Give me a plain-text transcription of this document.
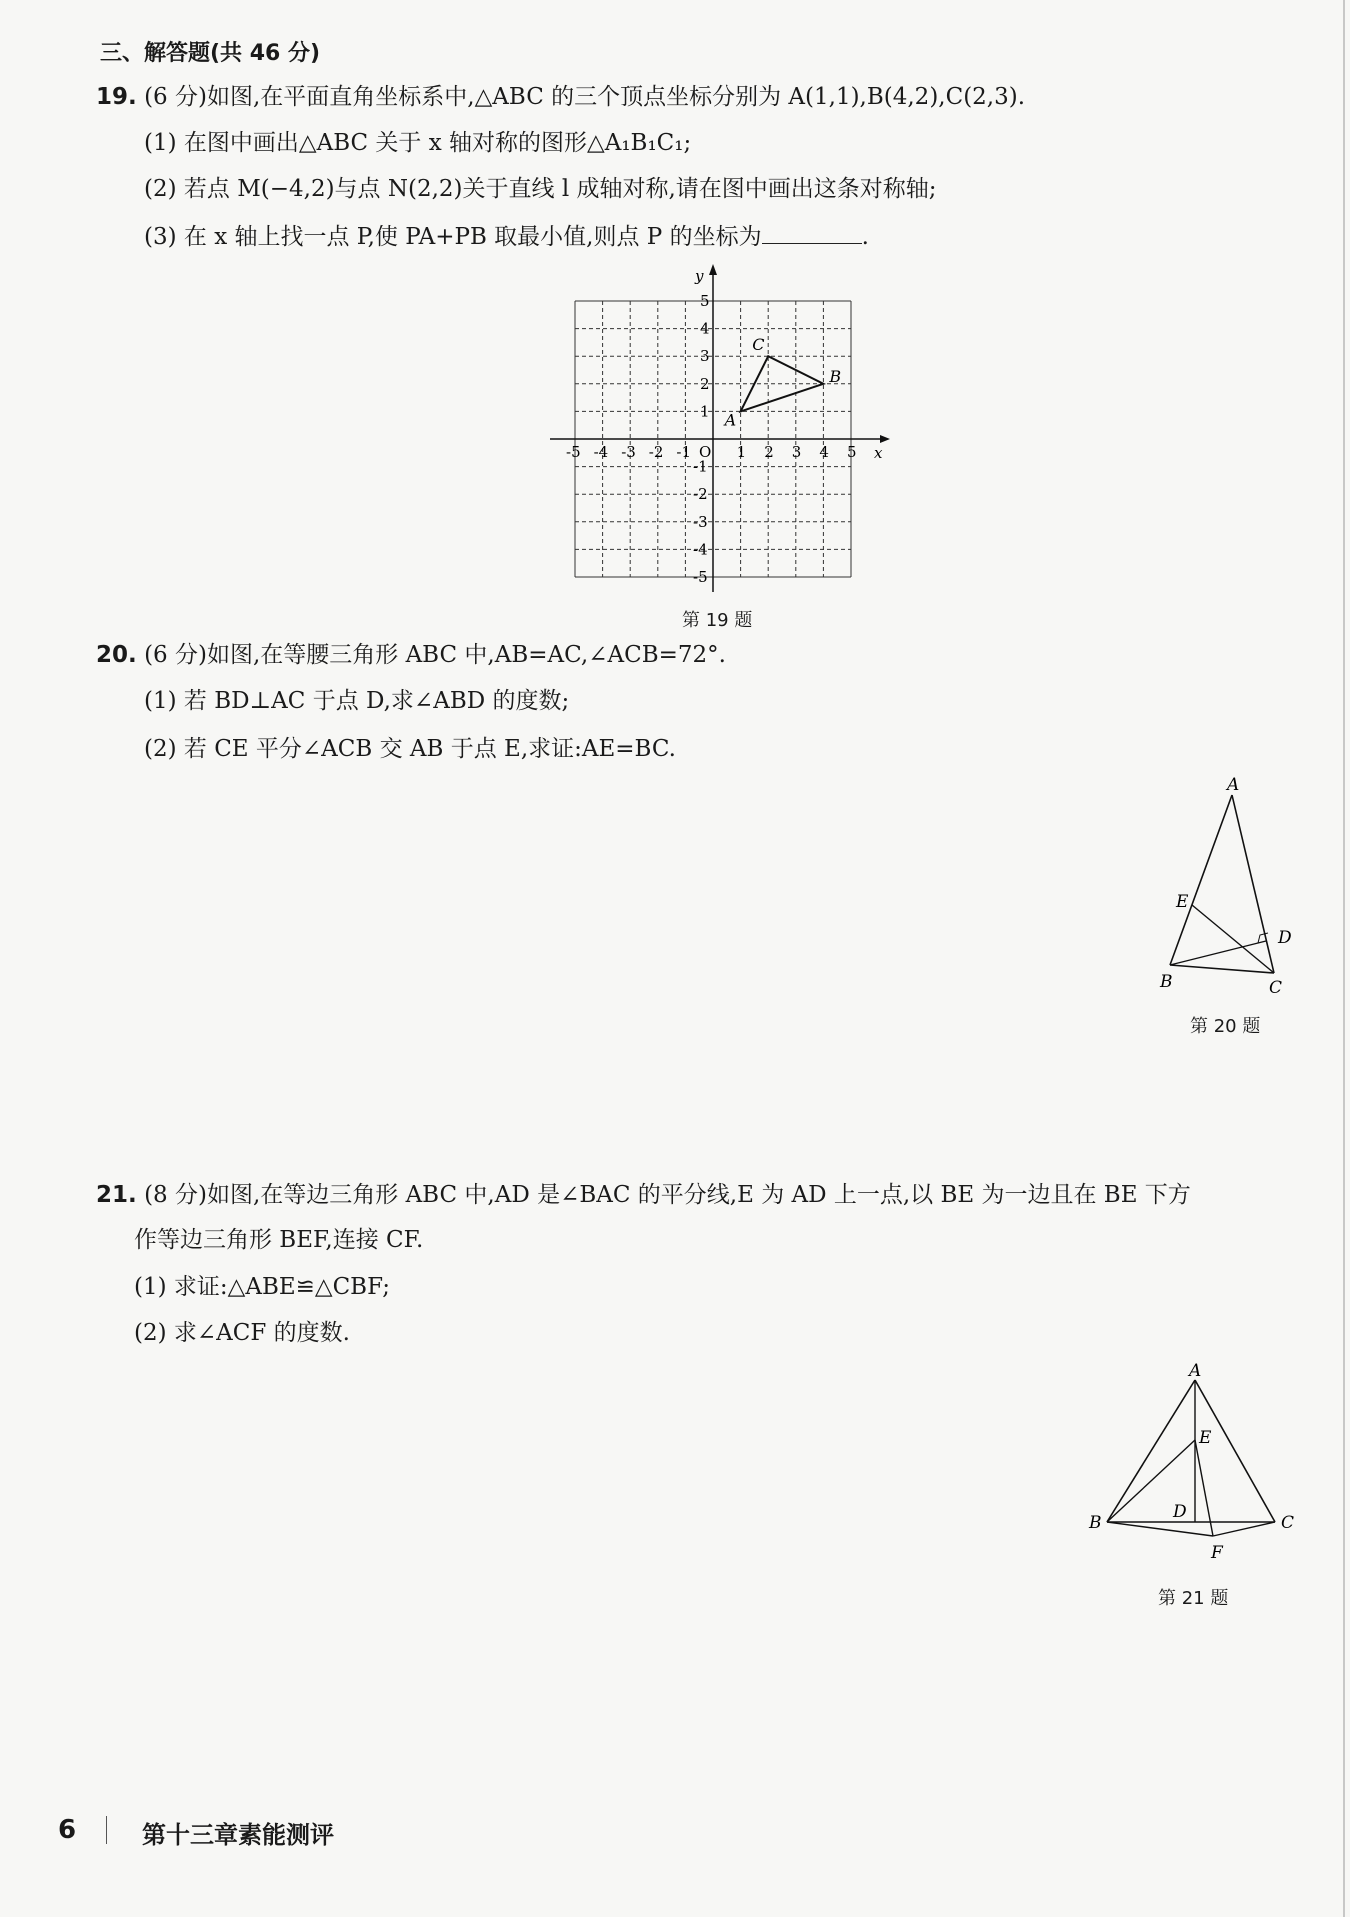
三、解答题(共 46 分)
19. (6 分)如图,在平面直角坐标系中,△ABC 的三个顶点坐标分别为 A(1,1),B(4,2),C(2,3).
(1) 在图中画出△ABC 关于 x 轴对称的图形△A₁B₁C₁;
(2) 若点 M(−4,2)与点 N(2,2)关于直线 l 成轴对称,请在图中画出这条对称轴;
(3) 在 x 轴上找一点 P,使 PA+PB 取最小值,则点 P 的坐标为	.
x
y
-5 -4 -3 -2 -1 O 1 2 3 4 5
5
4
3
2
1
-1
-2
-3
-4
-5
A
B
C
第 19 题
20. (6 分)如图,在等腰三角形 ABC 中,AB=AC,∠ACB=72°.
(1) 若 BD⊥AC 于点 D,求∠ABD 的度数;
(2) 若 CE 平分∠ACB 交 AB 于点 E,求证:AE=BC.
A
E
D
B	C
第 20 题
21. (8 分)如图,在等边三角形 ABC 中,AD 是∠BAC 的平分线,E 为 AD 上一点,以 BE 为一边且在 BE 下方
作等边三角形 BEF,连接 CF.
(1) 求证:△ABE≌△CBF;
(2) 求∠ACF 的度数.
A
E
D
B	C
F
第 21 题
6	第十三章素能测评
